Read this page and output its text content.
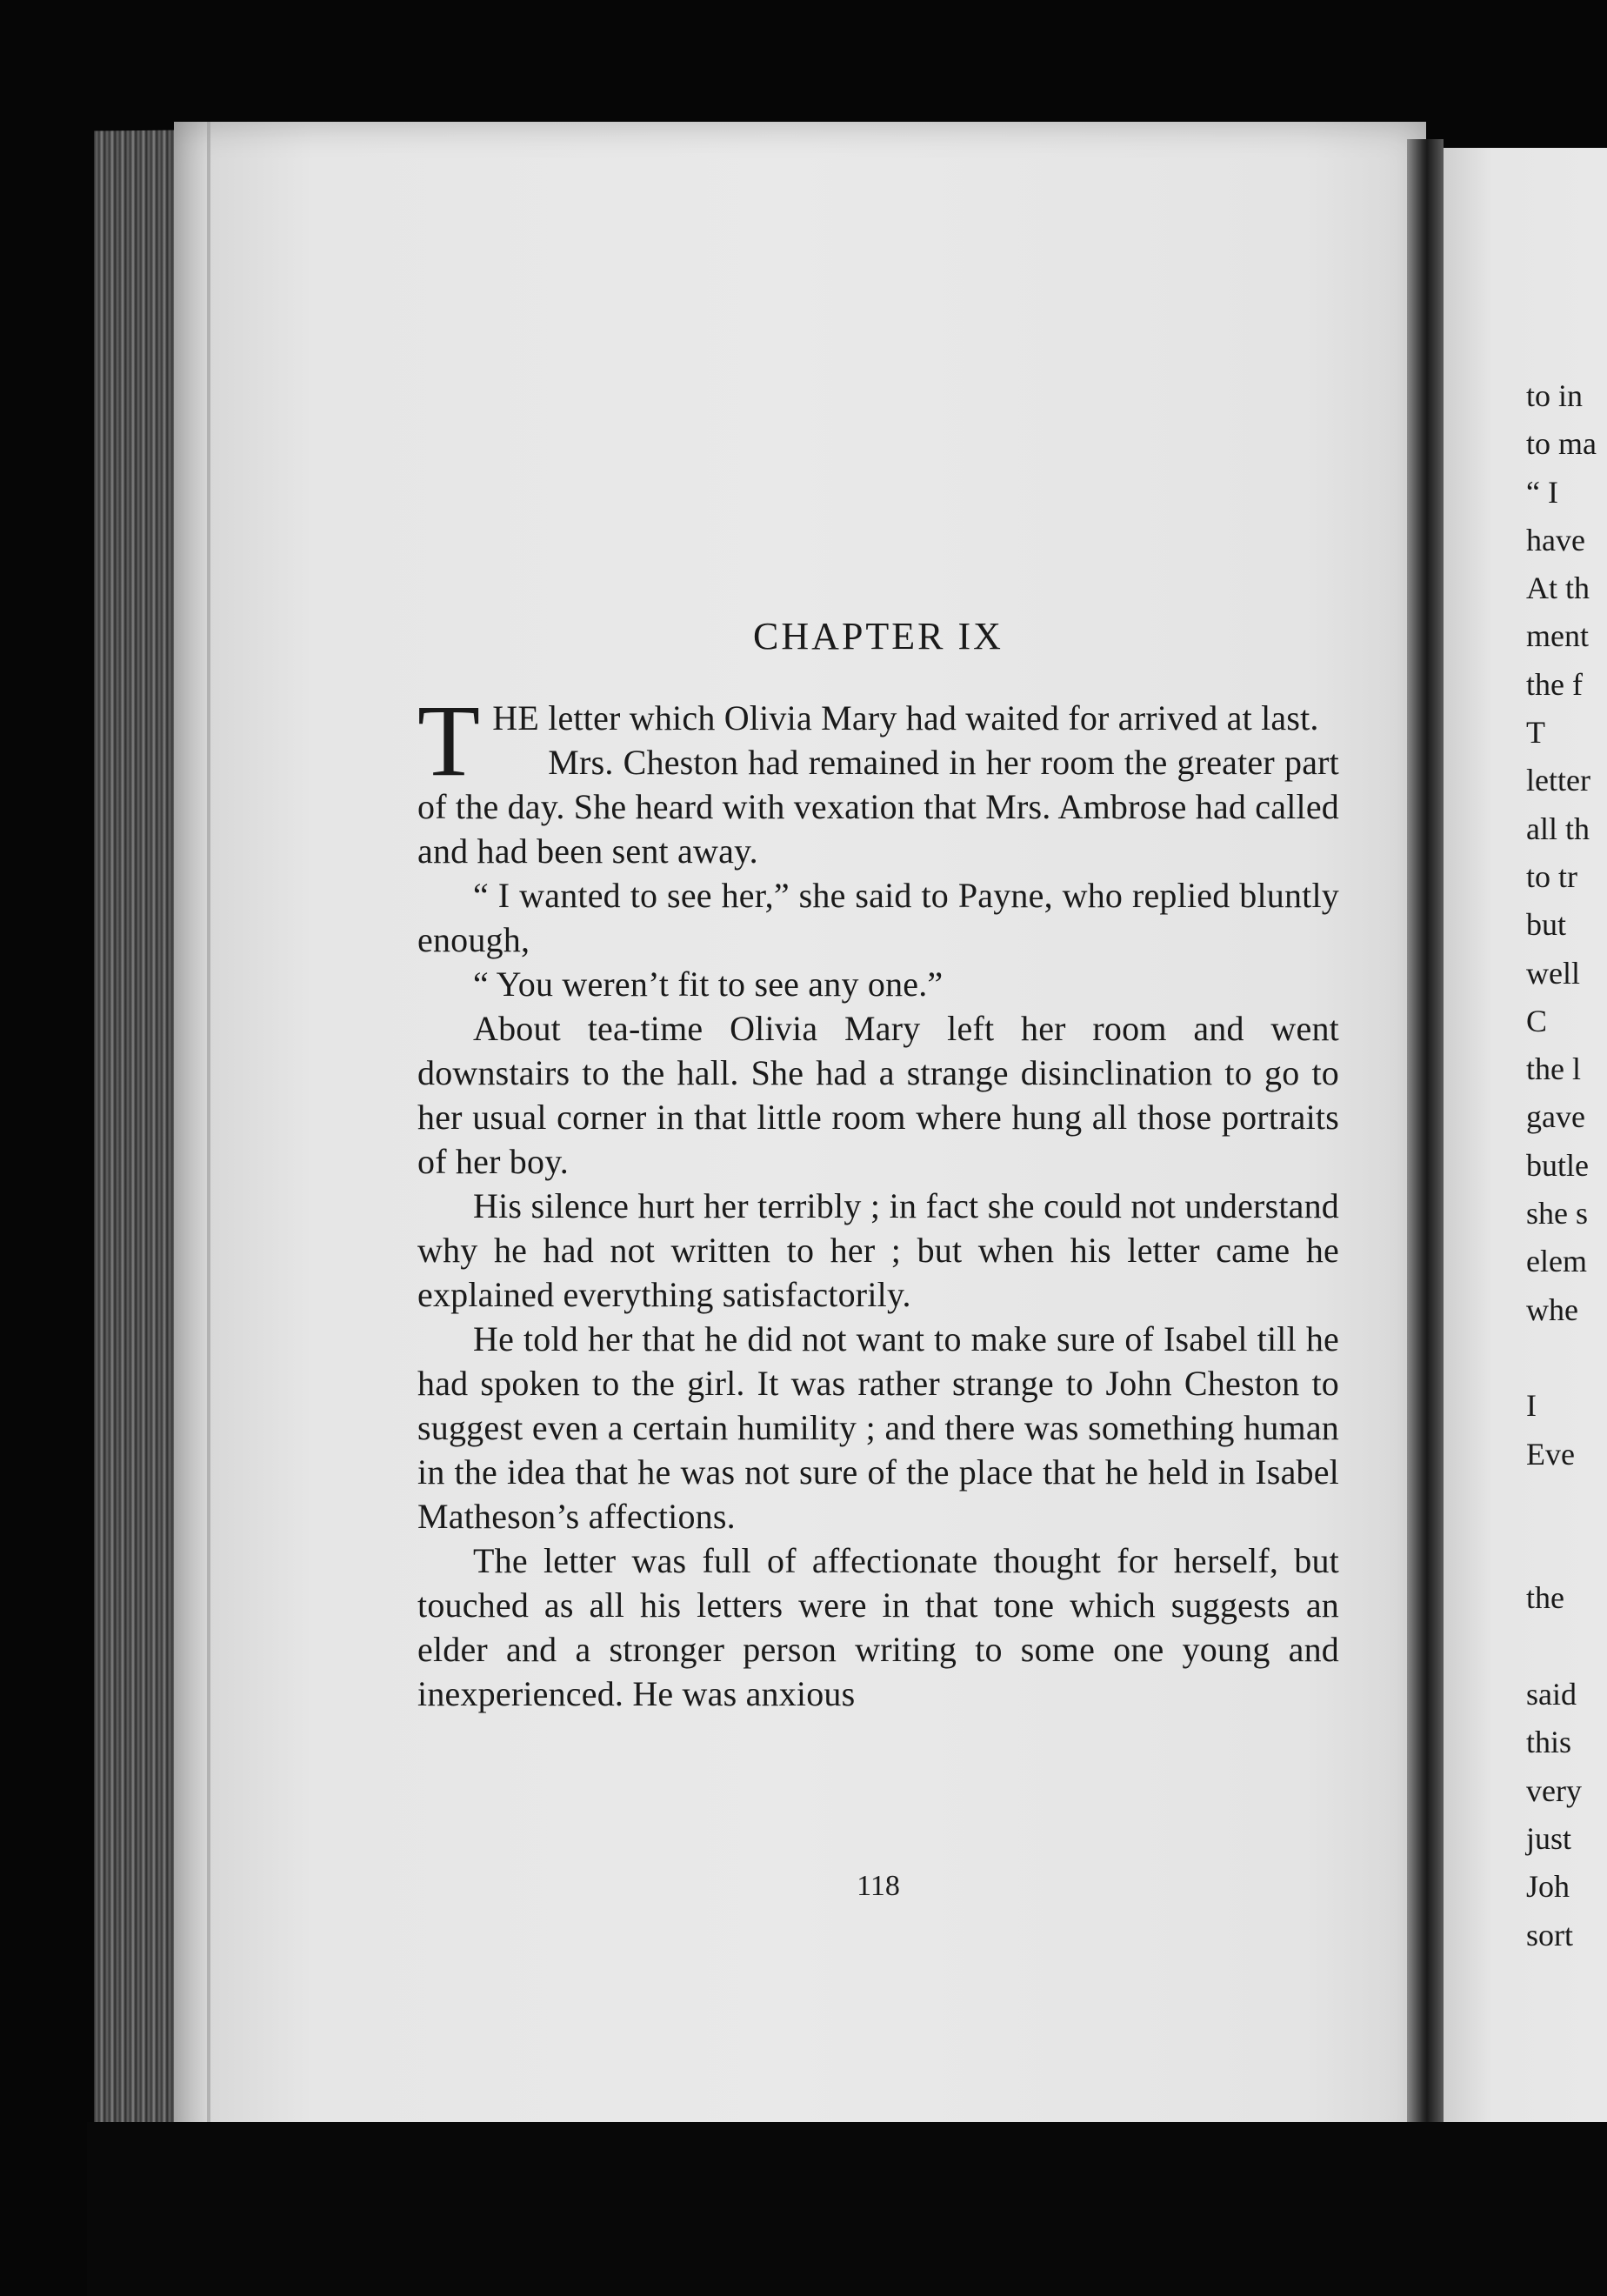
CHAPTER IX

THE letter which Olivia Mary had waited for arrived at last.

Mrs. Cheston had remained in her room the greater part of the day. She heard with vexation that Mrs. Ambrose had called and had been sent away.

“ I wanted to see her,” she said to Payne, who replied bluntly enough,

“ You weren’t fit to see any one.”

About tea-time Olivia Mary left her room and went downstairs to the hall. She had a strange disinclination to go to her usual corner in that little room where hung all those portraits of her boy.

His silence hurt her terribly ; in fact she could not understand why he had not written to her ; but when his letter came he explained everything satisfactorily.

He told her that he did not want to make sure of Isabel till he had spoken to the girl. It was rather strange to John Cheston to suggest even a certain humility ; and there was something human in the idea that he was not sure of the place that he held in Isabel Matheson’s affections.

The letter was full of affectionate thought for herself, but touched as all his letters were in that tone which suggests an elder and a stronger person writing to some one young and inexperienced. He was anxious

118
to in
to ma
“ I
have
At th
ment
the f
T
letter
all th
to tr
but
well
C
the l
gave
butle
she s
elem
whe
I
Eve
the
said
this
very
just
Joh
sort
